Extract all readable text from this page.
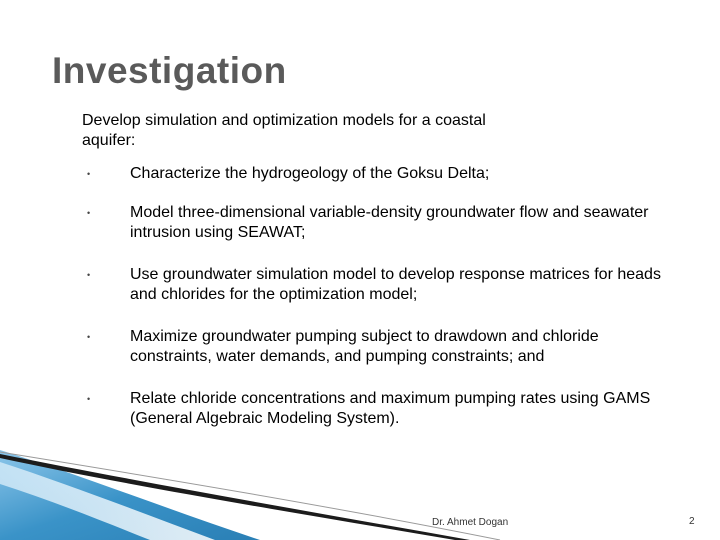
Investigation
Develop simulation and optimization models for a coastal aquifer:
• Characterize the hydrogeology of the Goksu Delta;
• Model three-dimensional variable-density groundwater flow and seawater intrusion using SEAWAT;
• Use groundwater simulation model to develop response matrices for heads and chlorides for the optimization model;
• Maximize groundwater pumping subject to drawdown and chloride constraints, water demands, and pumping constraints; and
• Relate chloride concentrations and maximum pumping rates using GAMS (General Algebraic Modeling System).
Dr. Ahmet Dogan	2
